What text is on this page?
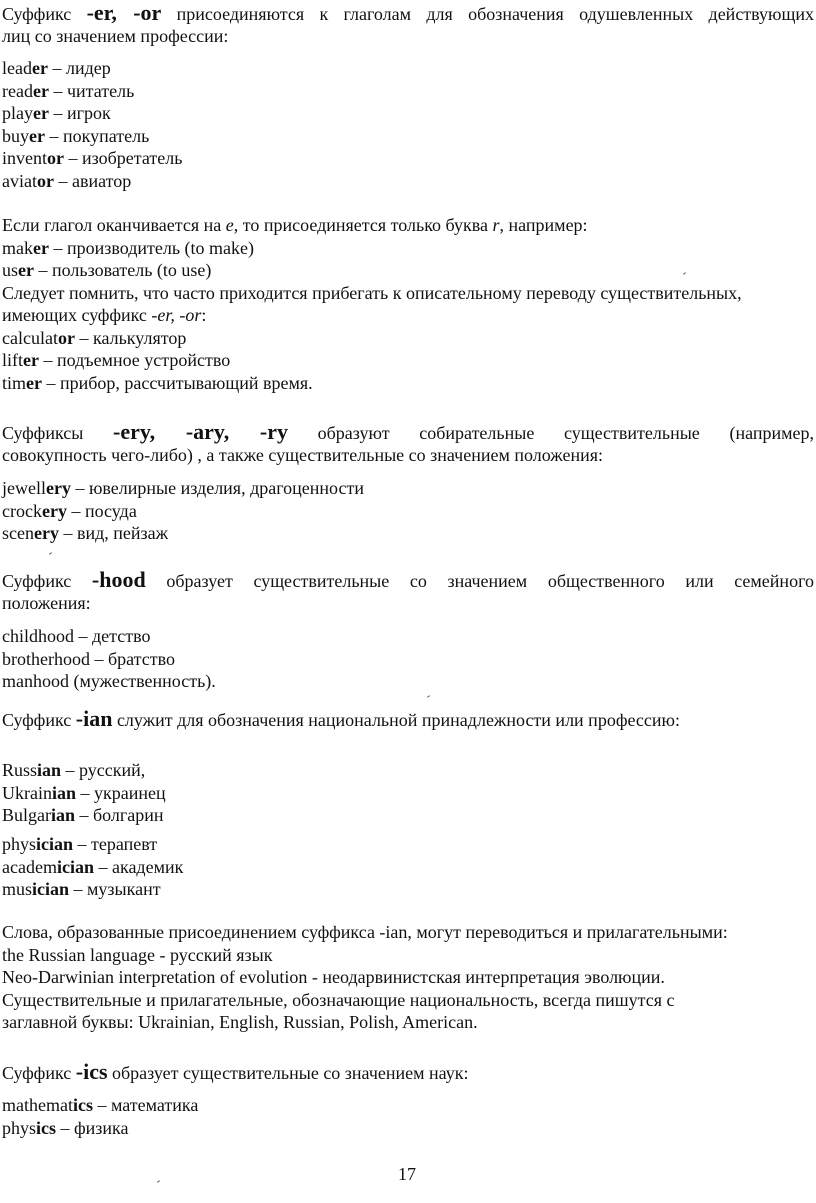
Суффикс -er, -or присоединяются к глаголам для обозначения одушевленных действующих
лиц со значением профессии:
leader – лидер
reader – читатель
player – игрок
buyer – покупатель
inventor – изобретатель
aviator – авиатор
Если глагол оканчивается на е, то присоединяется только буква r, например:
maker – производитель (to make)
user – пользователь (to use)
Следует помнить, что часто приходится прибегать к описательному переводу существительных,
имеющих суффикс -er, -or:
calculator – калькулятор
lifter – подъемное устройство
timer – прибор, рассчитывающий время.
Суффиксы -ery, -ary, -ry образуют собирательные существительные (например,
совокупность чего-либо) , а также существительные со значением положения:
jewellery – ювелирные изделия, драгоценности
crockery – посуда
scenery – вид, пейзаж
Суффикс -hood образует существительные со значением общественного или семейного
положения:
childhood – детство
brotherhood – братство
manhood (мужественность).
Суффикс -ian служит для обозначения национальной принадлежности или профессию:
Russian – русский,
Ukrainian – украинец
Bulgarian – болгарин
physician – терапевт
academician – академик
musician – музыкант
Слова, образованные присоединением суффикса -ian, могут переводиться и прилагательными:
the Russian language - русский язык
Neo-Darwinian interpretation of evolution - неодарвинистская интерпретация эволюции.
Существительные и прилагательные, обозначающие национальность, всегда пишутся с
заглавной буквы: Ukrainian, English, Russian, Polish, American.
Суффикс -ics образует существительные со значением наук:
mathematics – математика
physics – физика
17
